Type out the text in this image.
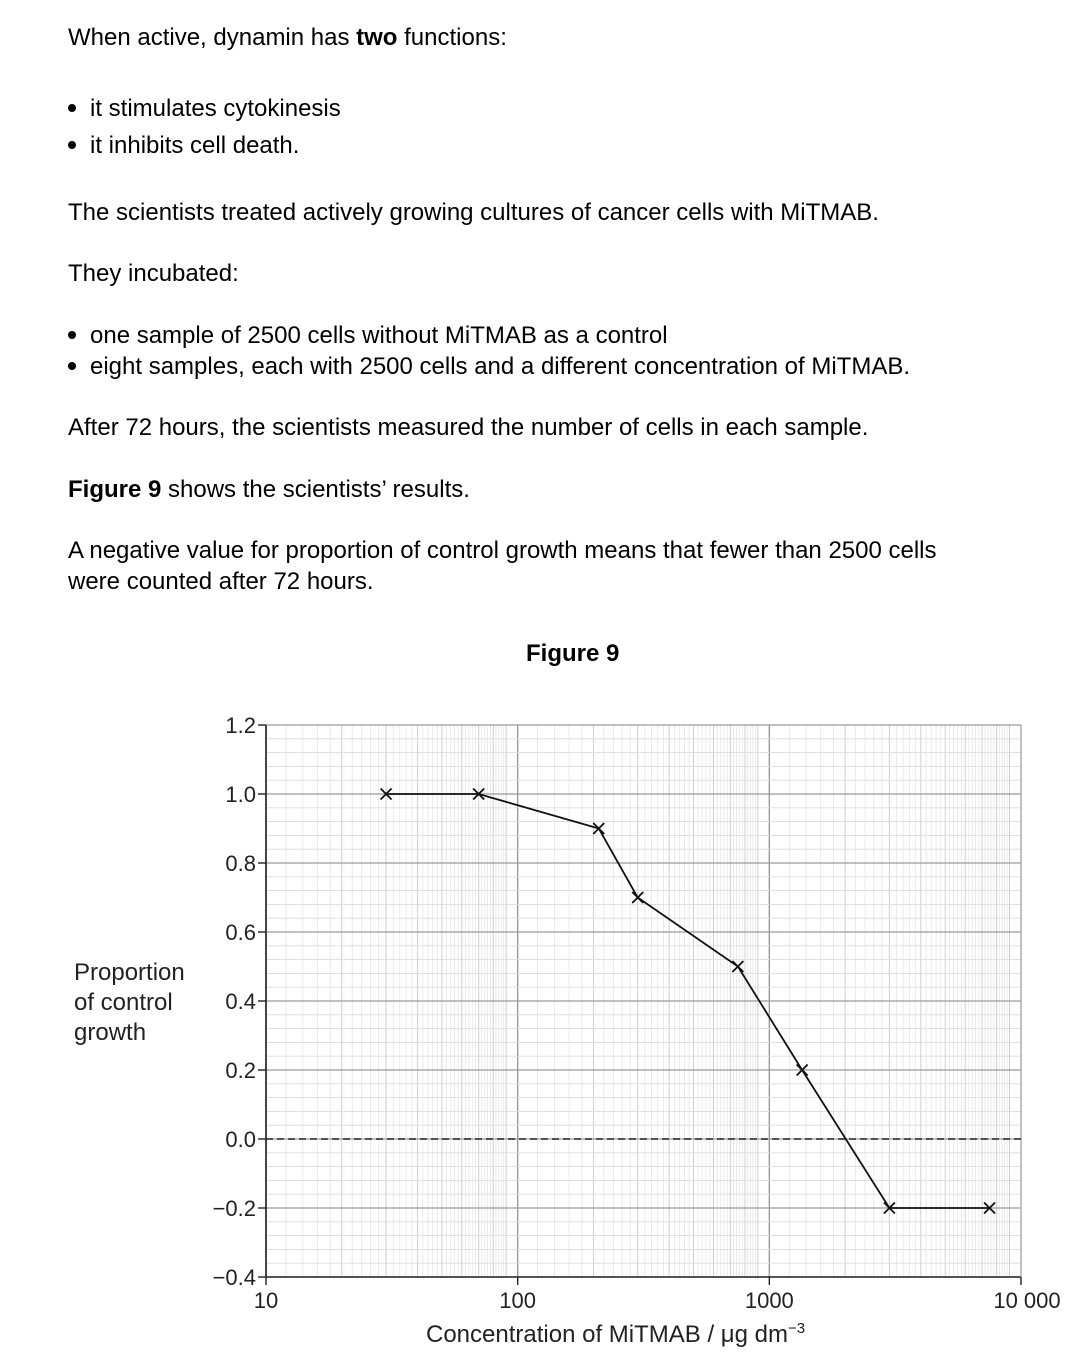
When active, dynamin has two functions:

it stimulates cytokinesis
it inhibits cell death.

The scientists treated actively growing cultures of cancer cells with MiTMAB.

They incubated:

one sample of 2500 cells without MiTMAB as a control
eight samples, each with 2500 cells and a different concentration of MiTMAB.

After 72 hours, the scientists measured the number of cells in each sample.

Figure 9 shows the scientists’ results.

A negative value for proportion of control growth means that fewer than 2500 cells

were counted after 72 hours.

Figure 9
Proportion
of control
growth
Concentration of MiTMAB / μg $dm^{-3}$
1.2
1.0
0.8
0.6
0.4
0.2
0.0
−0.2
−0.4
10	100	1000	10 000
